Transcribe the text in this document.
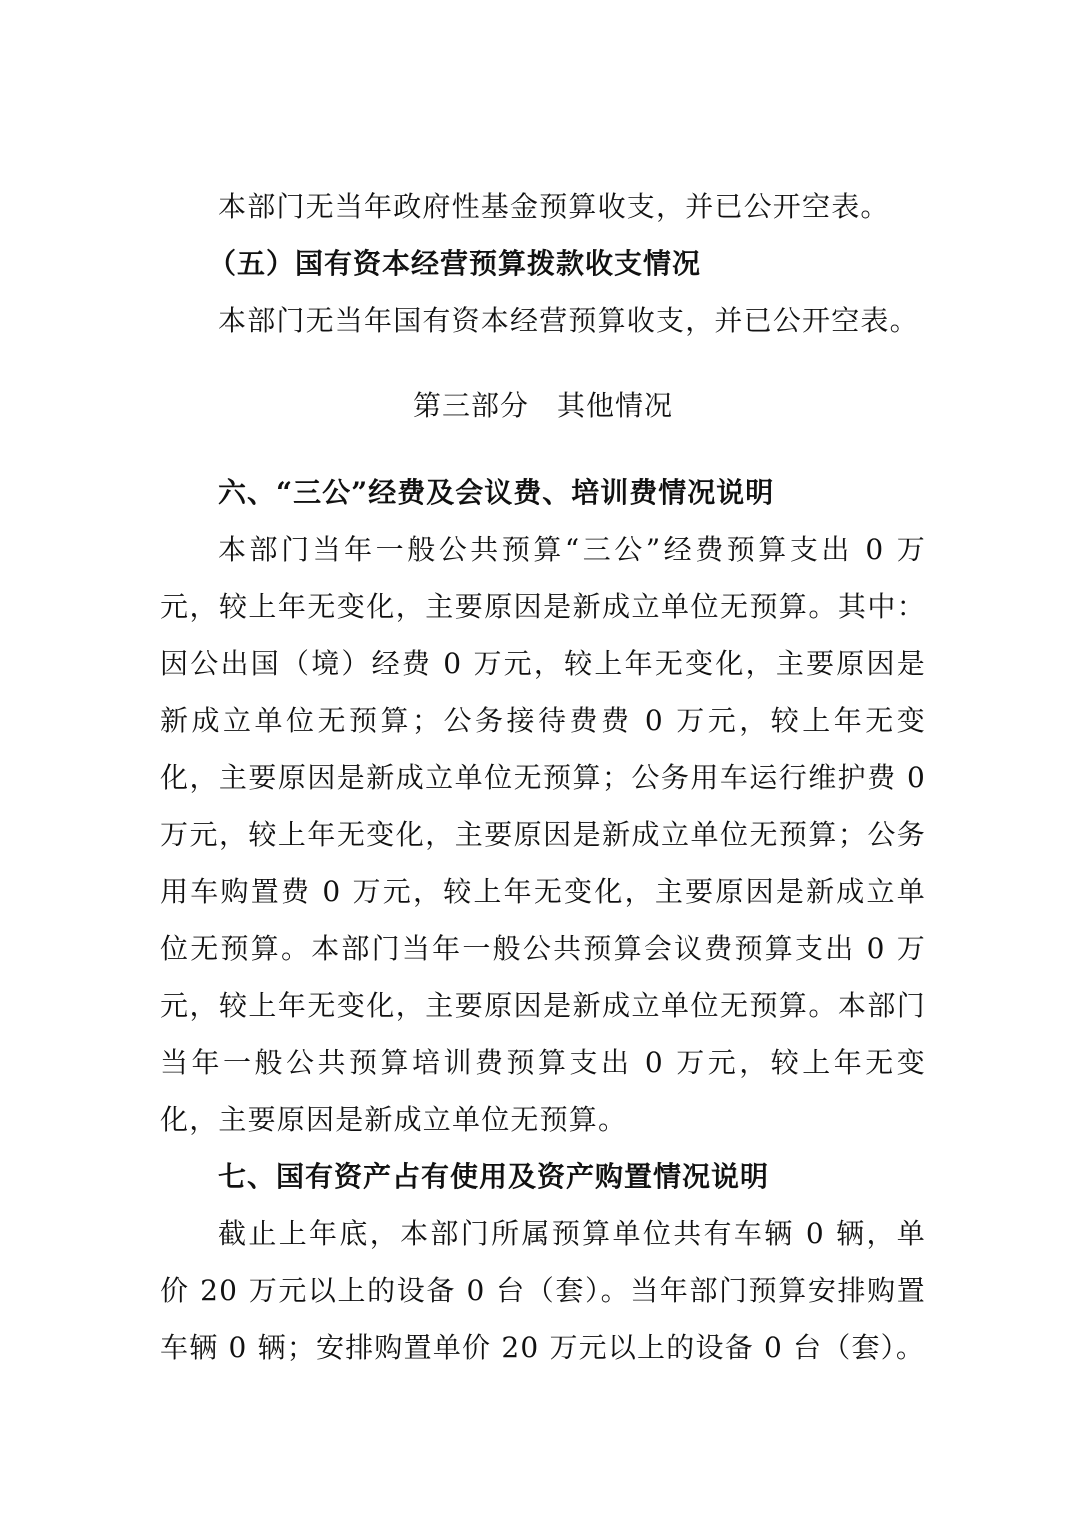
本部门无当年政府性基金预算收支，并已公开空表。

（五）国有资本经营预算拨款收支情况

本部门无当年国有资本经营预算收支，并已公开空表。

第三部分 其他情况

六、“三公”经费及会议费、培训费情况说明

本部门当年一般公共预算“三公”经费预算支出 0 万元，较上年无变化，主要原因是新成立单位无预算。其中：因公出国（境）经费 0 万元，较上年无变化，主要原因是新成立单位无预算；公务接待费费 0 万元，较上年无变化，主要原因是新成立单位无预算；公务用车运行维护费 0 万元，较上年无变化，主要原因是新成立单位无预算；公务用车购置费 0 万元，较上年无变化，主要原因是新成立单位无预算。本部门当年一般公共预算会议费预算支出 0 万元，较上年无变化，主要原因是新成立单位无预算。本部门当年一般公共预算培训费预算支出 0 万元，较上年无变化，主要原因是新成立单位无预算。

七、国有资产占有使用及资产购置情况说明

截止上年底，本部门所属预算单位共有车辆 0 辆，单价 20 万元以上的设备 0 台（套）。当年部门预算安排购置车辆 0 辆；安排购置单价 20 万元以上的设备 0 台（套）。
